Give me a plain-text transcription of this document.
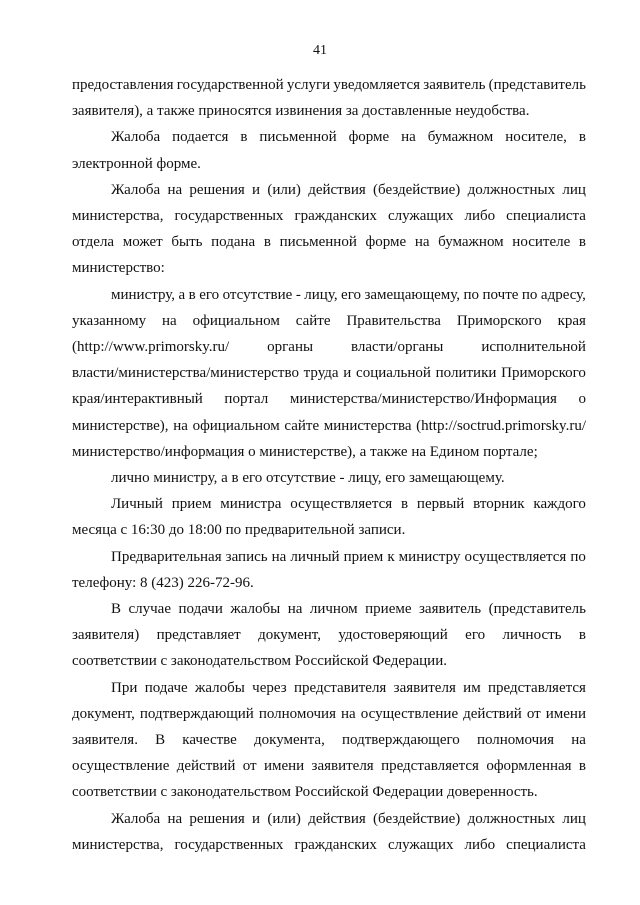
41
предоставления государственной услуги уведомляется заявитель (представитель
заявителя), а также приносятся извинения за доставленные неудобства.
Жалоба подается в письменной форме на бумажном носителе, в
электронной форме.
Жалоба на решения и (или) действия (бездействие) должностных лиц
министерства, государственных гражданских служащих либо специалиста
отдела может быть подана в письменной форме на бумажном носителе в
министерство:
министру, а в его отсутствие - лицу, его замещающему, по почте по адресу,
указанному на официальном сайте Правительства Приморского края
(http://www.primorsky.ru/	органы	власти/органы	исполнительной
власти/министерства/министерство труда и социальной политики Приморского
края/интерактивный портал министерства/министерство/Информация о
министерстве), на официальном сайте министерства (http://soctrud.primorsky.ru/
министерство/информация о министерстве), а также на Едином портале;
лично министру, а в его отсутствие - лицу, его замещающему.
Личный прием министра осуществляется в первый вторник каждого
месяца с 16:30 до 18:00 по предварительной записи.
Предварительная запись на личный прием к министру осуществляется по
телефону: 8 (423) 226-72-96.
В случае подачи жалобы на личном приеме заявитель (представитель
заявителя) представляет документ, удостоверяющий его личность в
соответствии с законодательством Российской Федерации.
При подаче жалобы через представителя заявителя им представляется
документ, подтверждающий полномочия на осуществление действий от имени
заявителя. В качестве документа, подтверждающего полномочия на
осуществление действий от имени заявителя представляется оформленная в
соответствии с законодательством Российской Федерации доверенность.
Жалоба на решения и (или) действия (бездействие) должностных лиц
министерства, государственных гражданских служащих либо специалиста
